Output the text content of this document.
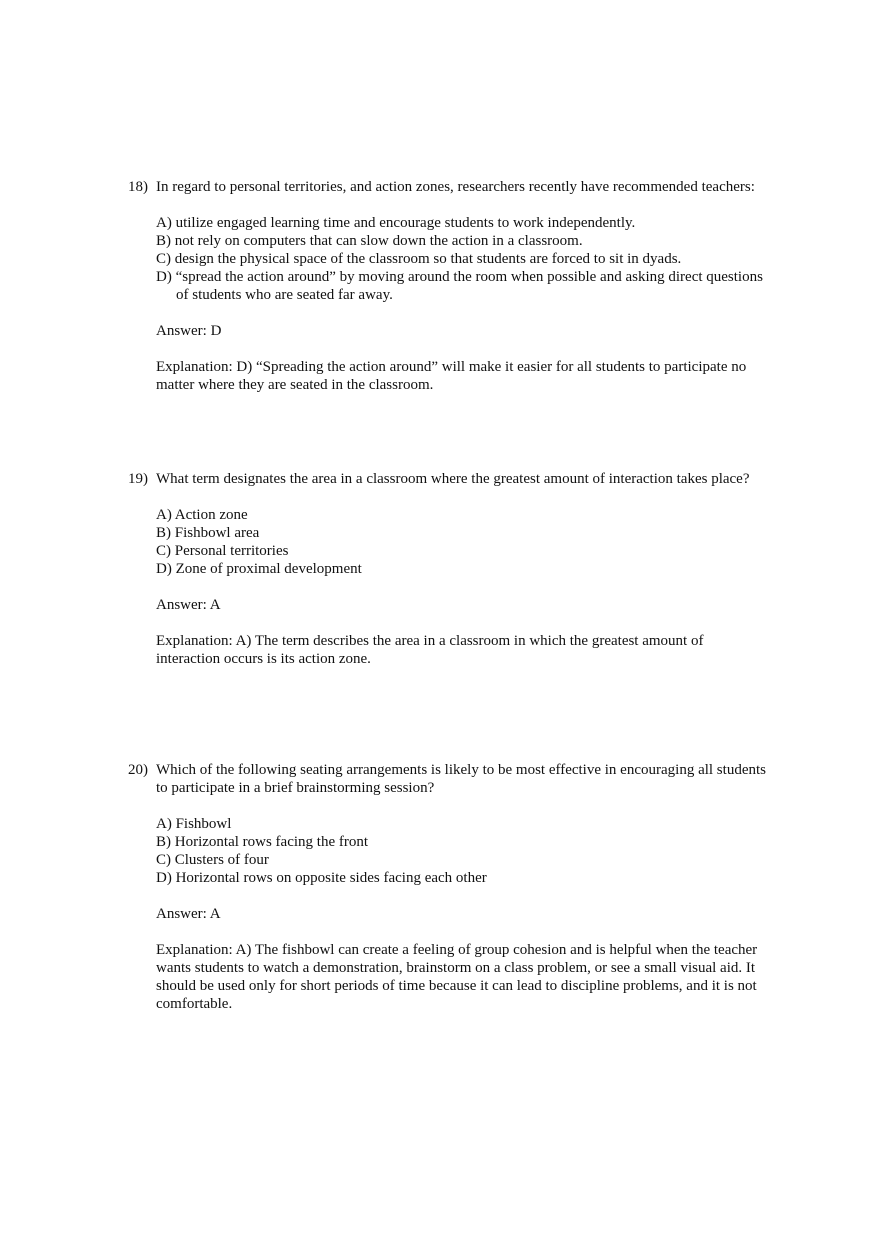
18) In regard to personal territories, and action zones, researchers recently have recommended teachers:

A) utilize engaged learning time and encourage students to work independently.
B) not rely on computers that can slow down the action in a classroom.
C) design the physical space of the classroom so that students are forced to sit in dyads.
D) “spread the action around” by moving around the room when possible and asking direct questions of students who are seated far away.

Answer: D

Explanation: D) “Spreading the action around” will make it easier for all students to participate no matter where they are seated in the classroom.

19) What term designates the area in a classroom where the greatest amount of interaction takes place?

A) Action zone
B) Fishbowl area
C) Personal territories
D) Zone of proximal development

Answer: A

Explanation: A) The term describes the area in a classroom in which the greatest amount of interaction occurs is its action zone.

20) Which of the following seating arrangements is likely to be most effective in encouraging all students to participate in a brief brainstorming session?

A) Fishbowl
B) Horizontal rows facing the front
C) Clusters of four
D) Horizontal rows on opposite sides facing each other

Answer: A

Explanation: A) The fishbowl can create a feeling of group cohesion and is helpful when the teacher wants students to watch a demonstration, brainstorm on a class problem, or see a small visual aid. It should be used only for short periods of time because it can lead to discipline problems, and it is not comfortable.
